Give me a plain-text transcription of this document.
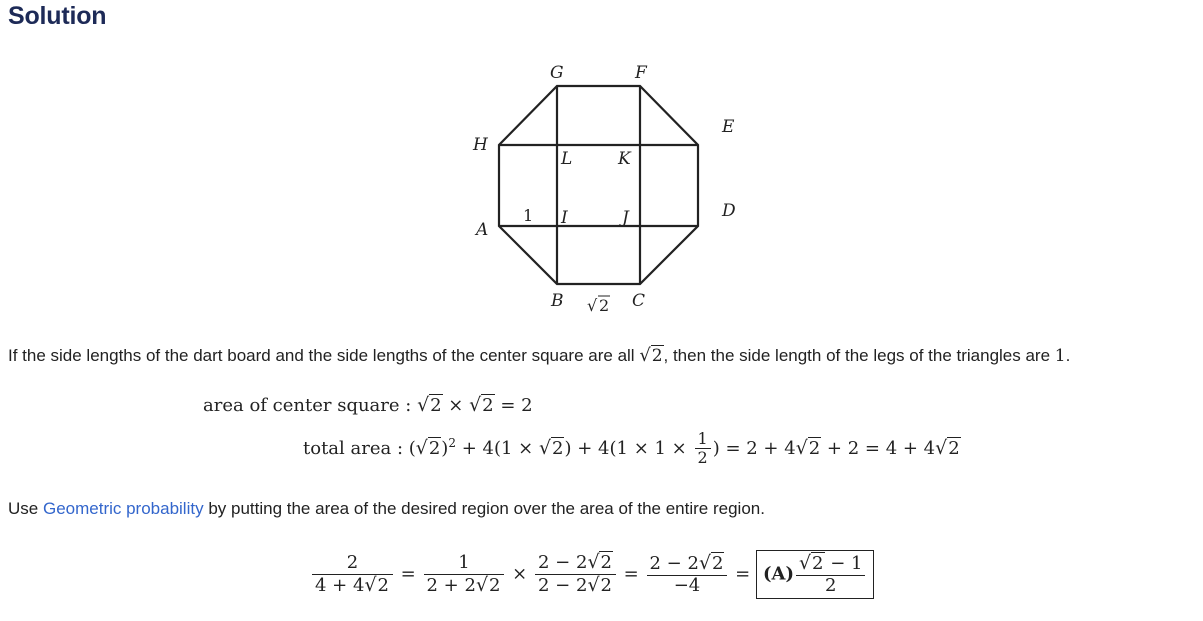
Solution
G	F
E
H
L	K
D
A
1 I	J
B √ 2 C
If the side lengths of the dart board and the side lengths of the center square are all √2, then the side length of the legs of the triangles are 1.
area of center square : √2 × √2 = 2
total area : $(√2)^2 + 4(1 \times √2) + 4(1 \times 1 \times \frac{1}{2}$ ) = 2 + 4√2 + 2 = 4 + 4√2
Use Geometric probability by putting the area of the desired region over the area of the entire region.
$\frac{2}{4 + 4√2} = \frac{1}{2 + 2√2} \times \frac{2 - 2√2}{2 - 2√2} = \frac{2 - 2√2}{-4} = (A) \frac{√2 - 1}{2}$
